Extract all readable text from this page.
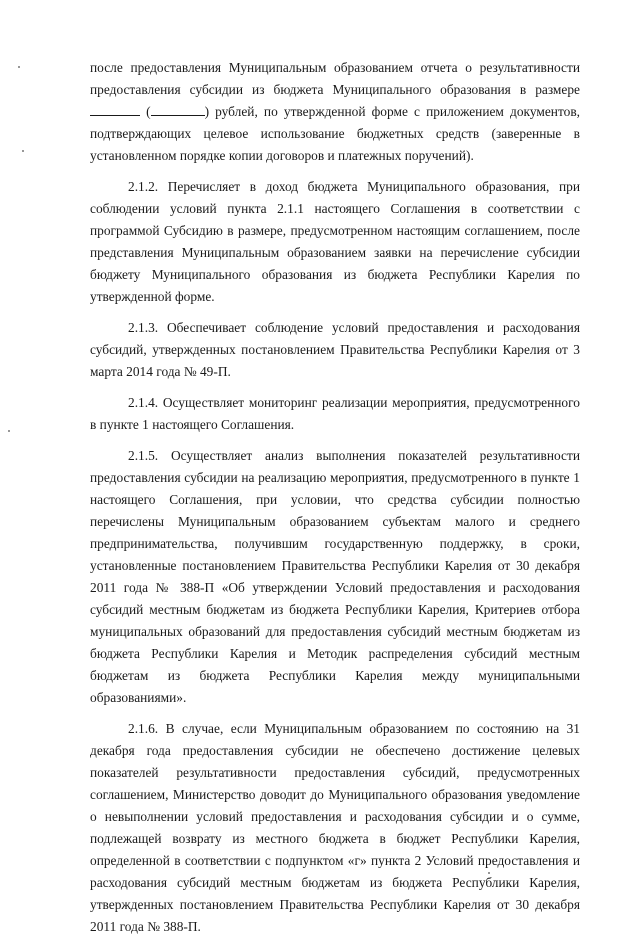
после предоставления Муниципальным образованием отчета о результативности предоставления субсидии из бюджета Муниципального образования в размере  (	) рублей, по утвержденной форме с приложением документов, подтверждающих целевое использование бюджетных средств (заверенные в установленном порядке копии договоров и платежных поручений).

2.1.2. Перечисляет в доход бюджета Муниципального образования, при соблюдении условий пункта 2.1.1 настоящего Соглашения в соответствии с программой Субсидию в размере, предусмотренном настоящим соглашением, после представления Муниципальным образованием заявки на перечисление субсидии бюджету Муниципального образования из бюджета Республики Карелия по утвержденной форме.

2.1.3. Обеспечивает соблюдение условий предоставления и расходования субсидий, утвержденных постановлением Правительства Республики Карелия от 3 марта 2014 года № 49-П.

2.1.4. Осуществляет мониторинг реализации мероприятия, предусмотренного в пункте 1 настоящего Соглашения.

2.1.5. Осуществляет анализ выполнения показателей результативности предоставления субсидии на реализацию мероприятия, предусмотренного в пункте 1 настоящего Соглашения, при условии, что средства субсидии полностью перечислены Муниципальным образованием субъектам малого и среднего предпринимательства, получившим государственную поддержку, в сроки, установленные постановлением Правительства Республики Карелия от 30 декабря 2011 года № 388-П «Об утверждении Условий предоставления и расходования субсидий местным бюджетам из бюджета Республики Карелия, Критериев отбора муниципальных образований для предоставления субсидий местным бюджетам из бюджета Республики Карелия и Методик распределения субсидий местным бюджетам из бюджета Республики Карелия между муниципальными образованиями».

2.1.6. В случае, если Муниципальным образованием по состоянию на 31 декабря года предоставления субсидии не обеспечено достижение целевых показателей результативности предоставления субсидий, предусмотренных соглашением, Министерство доводит до Муниципального образования уведомление о невыполнении условий предоставления и расходования субсидии и о сумме, подлежащей возврату из местного бюджета в бюджет Республики Карелия, определенной в соответствии с подпунктом «г» пункта 2 Условий предоставления и расходования субсидий местным бюджетам из бюджета Республики Карелия, утвержденных постановлением Правительства Республики Карелия от 30 декабря 2011 года № 388-П.
